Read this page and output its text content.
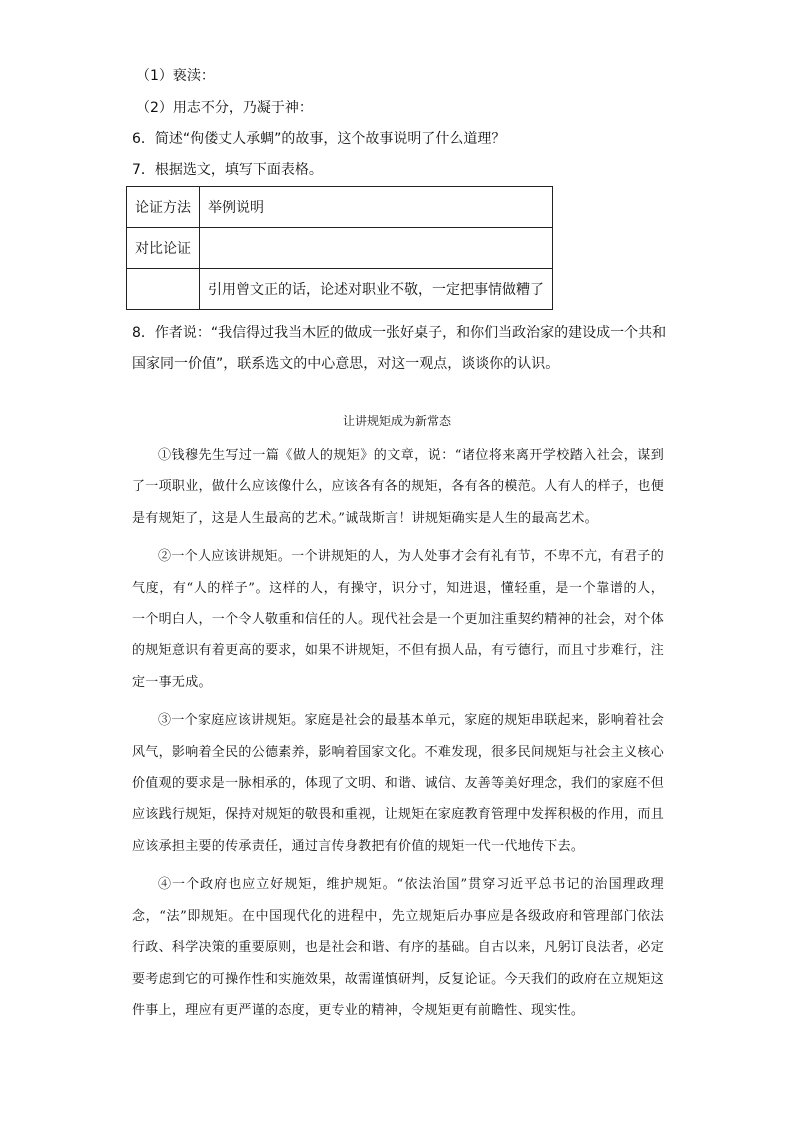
（1）亵渎：
（2）用志不分，乃凝于神：
6．简述“佝偻丈人承蜩”的故事，这个故事说明了什么道理？
7．根据选文，填写下面表格。
论证方法	举例说明
对比论证	
	引用曾文正的话，论述对职业不敬，一定把事情做糟了
8．作者说：“我信得过我当木匠的做成一张好桌子，和你们当政治家的建设成一个共和国家同一价值”，联系选文的中心意思，对这一观点，谈谈你的认识。
让讲规矩成为新常态

①钱穆先生写过一篇《做人的规矩》的文章，说：“诸位将来离开学校踏入社会，谋到了一项职业，做什么应该像什么，应该各有各的规矩，各有各的模范。人有人的样子，也便是有规矩了，这是人生最高的艺术。”诚哉斯言！讲规矩确实是人生的最高艺术。

②一个人应该讲规矩。一个讲规矩的人，为人处事才会有礼有节，不卑不亢，有君子的气度，有“人的样子”。这样的人，有操守，识分寸，知进退，懂轻重，是一个靠谱的人，一个明白人，一个令人敬重和信任的人。现代社会是一个更加注重契约精神的社会，对个体的规矩意识有着更高的要求，如果不讲规矩，不但有损人品，有亏德行，而且寸步难行，注定一事无成。

③一个家庭应该讲规矩。家庭是社会的最基本单元，家庭的规矩串联起来，影响着社会风气，影响着全民的公德素养，影响着国家文化。不难发现，很多民间规矩与社会主义核心价值观的要求是一脉相承的，体现了文明、和谐、诚信、友善等美好理念，我们的家庭不但应该践行规矩，保持对规矩的敬畏和重视，让规矩在家庭教育管理中发挥积极的作用，而且应该承担主要的传承责任，通过言传身教把有价值的规矩一代一代地传下去。

④一个政府也应立好规矩，维护规矩。“依法治国”贯穿习近平总书记的治国理政理念，“法”即规矩。在中国现代化的进程中，先立规矩后办事应是各级政府和管理部门依法行政、科学决策的重要原则，也是社会和谐、有序的基础。自古以来，凡躬订良法者，必定要考虑到它的可操作性和实施效果，故需谨慎研判，反复论证。今天我们的政府在立规矩这件事上，理应有更严谨的态度，更专业的精神，令规矩更有前瞻性、现实性。
